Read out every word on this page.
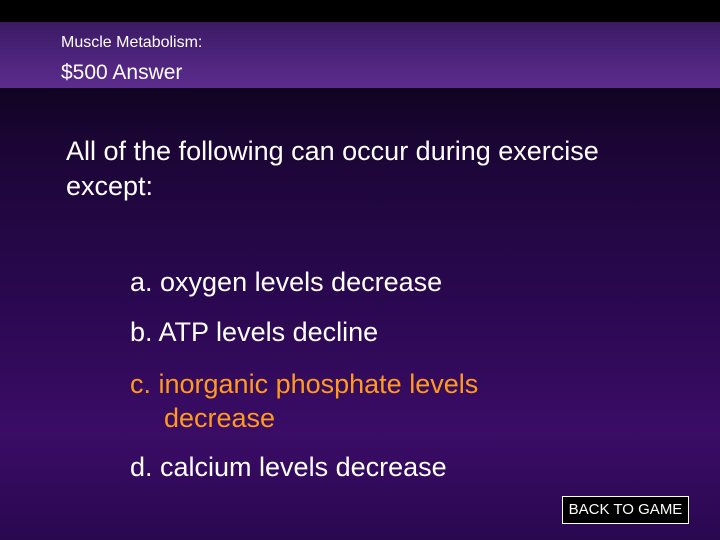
Muscle Metabolism:
$500 Answer
All of the following can occur during exercise except:
a. oxygen levels decrease
b. ATP levels decline
c. inorganic phosphate levels
decrease
d. calcium levels decrease
BACK TO GAME
